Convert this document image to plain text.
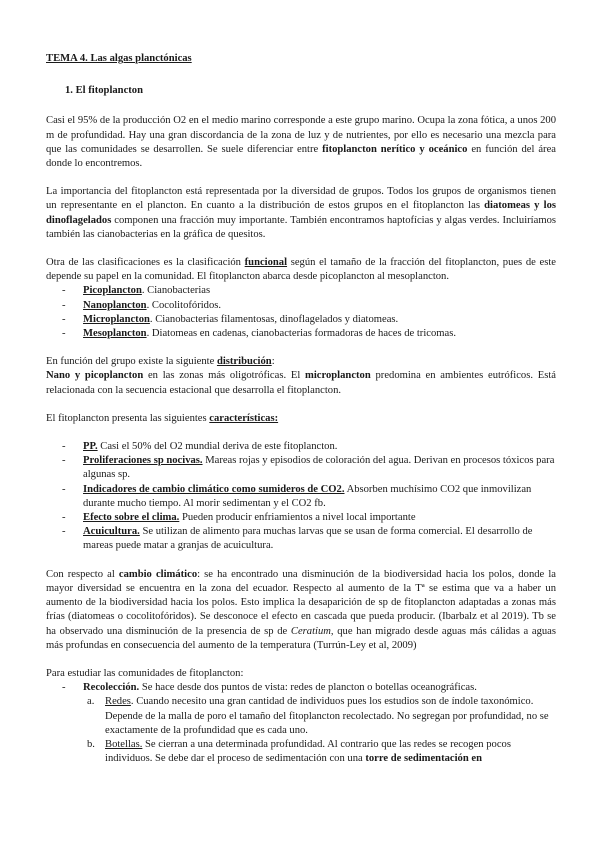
TEMA 4. Las algas planctónicas

1. El fitoplancton

Casi el 95% de la producción O2 en el medio marino corresponde a este grupo marino. Ocupa la zona fótica, a unos 200 m de profundidad. Hay una gran discordancia de la zona de luz y de nutrientes, por ello es necesario una mezcla para que las comunidades se desarrollen. Se suele diferenciar entre fitoplancton nerítico y oceánico en función del área donde lo encontremos.

La importancia del fitoplancton está representada por la diversidad de grupos. Todos los grupos de organismos tienen un representante en el plancton. En cuanto a la distribución de estos grupos en el fitoplancton las diatomeas y los dinoflagelados componen una fracción muy importante. También encontramos haptofícias y algas verdes. Incluiríamos también las cianobacterias en la gráfica de quesitos.

Otra de las clasificaciones es la clasificación funcional según el tamaño de la fracción del fitoplancton, pues de este depende su papel en la comunidad. El fitoplancton abarca desde picoplancton al mesoplancton.

- Picoplancton. Cianobacterias
- Nanoplancton. Cocolitofóridos.
- Microplancton. Cianobacterias filamentosas, dinoflagelados y diatomeas.
- Mesoplancton. Diatomeas en cadenas, cianobacterias formadoras de haces de tricomas.

En función del grupo existe la siguiente distribución:
Nano y picoplancton en las zonas más oligotróficas. El microplancton predomina en ambientes eutróficos. Está relacionada con la secuencia estacional que desarrolla el fitoplancton.

El fitoplancton presenta las siguientes características:

- PP. Casi el 50% del O2 mundial deriva de este fitoplancton.
- Proliferaciones sp nocivas. Mareas rojas y episodios de coloración del agua. Derivan en procesos tóxicos para algunas sp.
- Indicadores de cambio climático como sumideros de CO2. Absorben muchísimo CO2 que inmovilizan durante mucho tiempo. Al morir sedimentan y el CO2 fb.
- Efecto sobre el clima. Pueden producir enfriamientos a nivel local importante
- Acuicultura. Se utilizan de alimento para muchas larvas que se usan de forma comercial. El desarrollo de mareas puede matar a granjas de acuicultura.

Con respecto al cambio climático: se ha encontrado una disminución de la biodiversidad hacia los polos, donde la mayor diversidad se encuentra en la zona del ecuador. Respecto al aumento de la Tª se estima que va a haber un aumento de la biodiversidad hacia los polos. Esto implica la desaparición de sp de fitoplancton adaptadas a zonas más frías (diatomeas o cocolitofóridos). Se desconoce el efecto en cascada que pueda producir. (Ibarbalz et al 2019). Tb se ha observado una disminución de la presencia de sp de Ceratium, que han migrado desde aguas más cálidas a aguas más profundas en consecuencia del aumento de la temperatura (Turrún-Ley et al, 2009)

Para estudiar las comunidades de fitoplancton:

- Recolección. Se hace desde dos puntos de vista: redes de plancton o botellas oceanográficas.
a. Redes. Cuando necesito una gran cantidad de individuos pues los estudios son de índole taxonómico. Depende de la malla de poro el tamaño del fitoplancton recolectado. No segregan por profundidad, no se exactamente de la profundidad que es cada uno.
b. Botellas. Se cierran a una determinada profundidad. Al contrario que las redes se recogen pocos individuos. Se debe dar el proceso de sedimentación con una torre de sedimentación en
